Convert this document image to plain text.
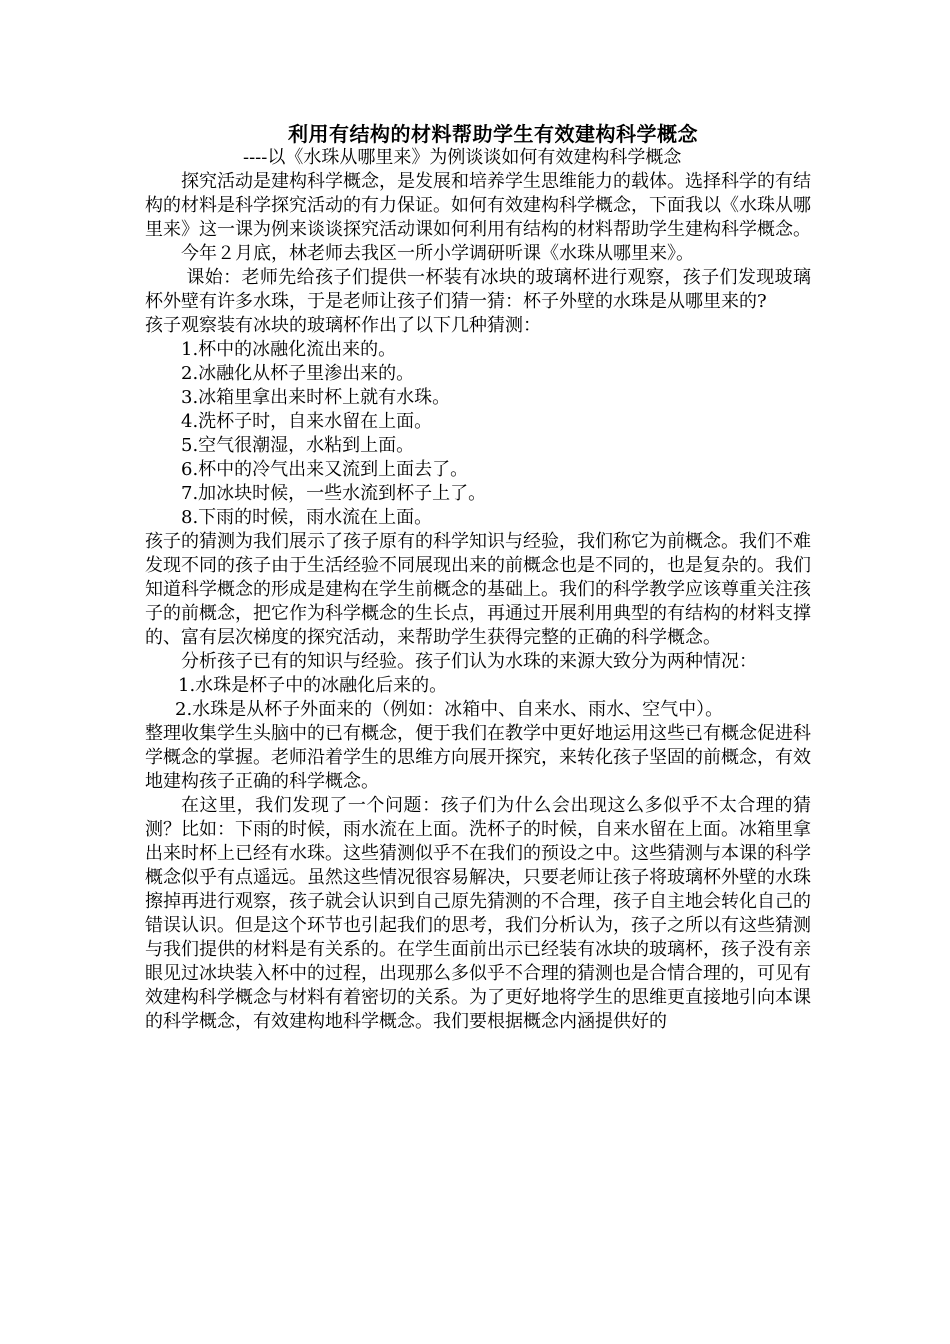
利用有结构的材料帮助学生有效建构科学概念

----以《水珠从哪里来》为例谈谈如何有效建构科学概念

探究活动是建构科学概念，是发展和培养学生思维能力的载体。选择科学的有结构的材料是科学探究活动的有力保证。如何有效建构科学概念，下面我以《水珠从哪里来》这一课为例来谈谈探究活动课如何利用有结构的材料帮助学生建构科学概念。

今年２月底，林老师去我区一所小学调研听课《水珠从哪里来》。

课始：老师先给孩子们提供一杯装有冰块的玻璃杯进行观察，孩子们发现玻璃杯外壁有许多水珠，于是老师让孩子们猜一猜：杯子外壁的水珠是从哪里来的?

孩子观察装有冰块的玻璃杯作出了以下几种猜测：

1.杯中的冰融化流出来的。

2.冰融化从杯子里渗出来的。

3.冰箱里拿出来时杯上就有水珠。

4.洗杯子时，自来水留在上面。

5.空气很潮湿，水粘到上面。

6.杯中的冷气出来又流到上面去了。

7.加冰块时候，一些水流到杯子上了。

8.下雨的时候，雨水流在上面。

孩子的猜测为我们展示了孩子原有的科学知识与经验，我们称它为前概念。我们不难发现不同的孩子由于生活经验不同展现出来的前概念也是不同的，也是复杂的。我们知道科学概念的形成是建构在学生前概念的基础上。我们的科学教学应该尊重关注孩子的前概念，把它作为科学概念的生长点，再通过开展利用典型的有结构的材料支撑的、富有层次梯度的探究活动，来帮助学生获得完整的正确的科学概念。

分析孩子已有的知识与经验。孩子们认为水珠的来源大致分为两种情况：

1.水珠是杯子中的冰融化后来的。

2.水珠是从杯子外面来的（例如：冰箱中、自来水、雨水、空气中）。

整理收集学生头脑中的已有概念，便于我们在教学中更好地运用这些已有概念促进科学概念的掌握。老师沿着学生的思维方向展开探究，来转化孩子坚固的前概念，有效地建构孩子正确的科学概念。

在这里，我们发现了一个问题：孩子们为什么会出现这么多似乎不太合理的猜测？比如：下雨的时候，雨水流在上面。洗杯子的时候，自来水留在上面。冰箱里拿出来时杯上已经有水珠。这些猜测似乎不在我们的预设之中。这些猜测与本课的科学概念似乎有点遥远。虽然这些情况很容易解决，只要老师让孩子将玻璃杯外壁的水珠擦掉再进行观察，孩子就会认识到自己原先猜测的不合理，孩子自主地会转化自己的错误认识。但是这个环节也引起我们的思考，我们分析认为，孩子之所以有这些猜测与我们提供的材料是有关系的。在学生面前出示已经装有冰块的玻璃杯，孩子没有亲眼见过冰块装入杯中的过程，出现那么多似乎不合理的猜测也是合情合理的，可见有效建构科学概念与材料有着密切的关系。为了更好地将学生的思维更直接地引向本课的科学概念，有效建构地科学概念。我们要根据概念内涵提供好的
